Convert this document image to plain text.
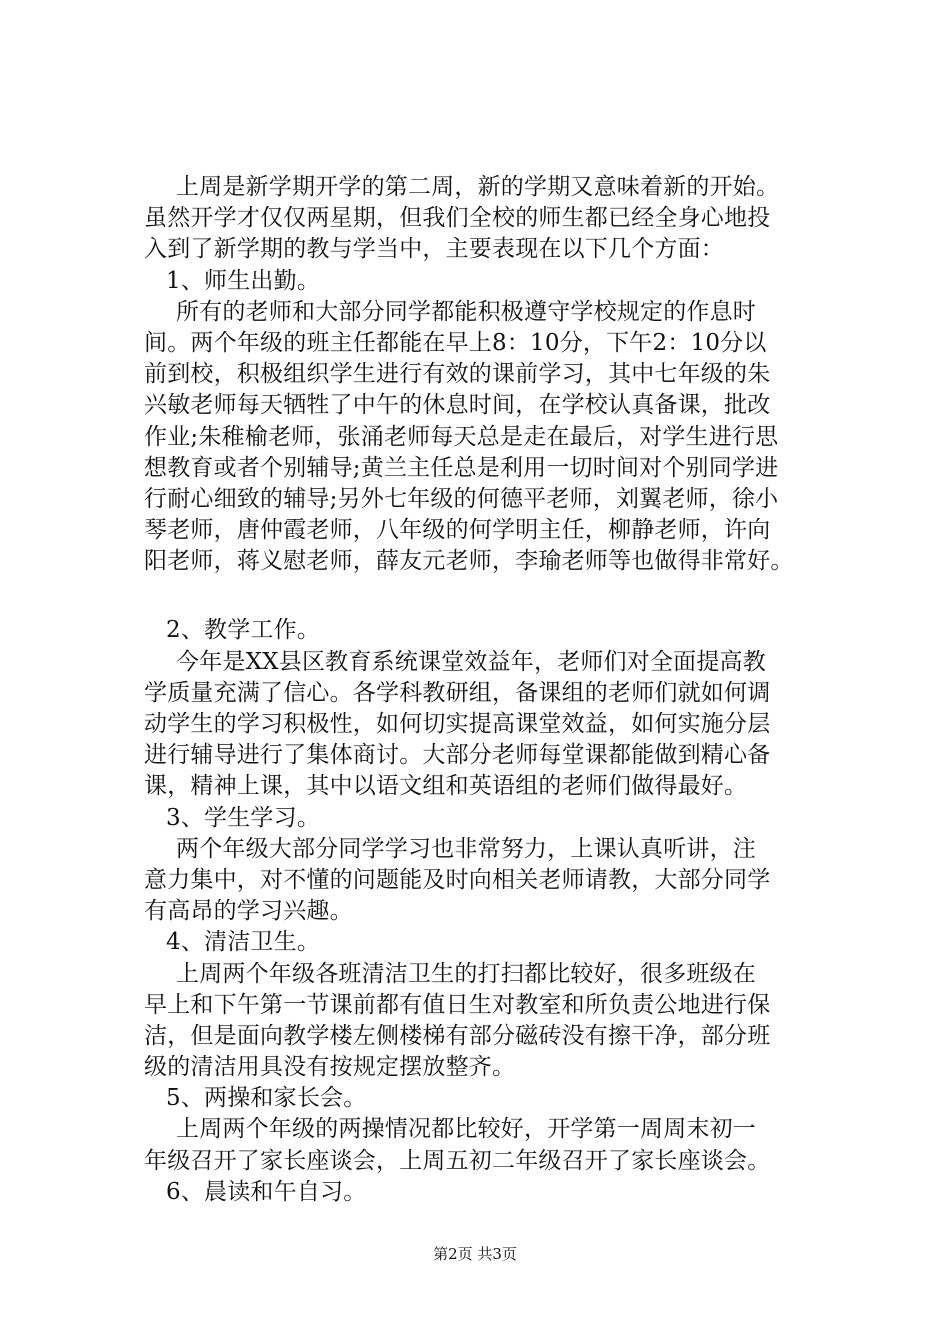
上周是新学期开学的第二周，新的学期又意味着新的开始。
虽然开学才仅仅两星期，但我们全校的师生都已经全身心地投
入到了新学期的教与学当中，主要表现在以下几个方面：
1、师生出勤。
所有的老师和大部分同学都能积极遵守学校规定的作息时
间。两个年级的班主任都能在早上8：10分，下午2：10分以
前到校，积极组织学生进行有效的课前学习，其中七年级的朱
兴敏老师每天牺牲了中午的休息时间，在学校认真备课，批改
作业;朱稚榆老师，张涌老师每天总是走在最后，对学生进行思
想教育或者个别辅导;黄兰主任总是利用一切时间对个别同学进
行耐心细致的辅导;另外七年级的何德平老师，刘翼老师，徐小
琴老师，唐仲霞老师，八年级的何学明主任，柳静老师，许向
阳老师，蒋义慰老师，薛友元老师，李瑜老师等也做得非常好。
2、教学工作。
今年是XX县区教育系统课堂效益年，老师们对全面提高教
学质量充满了信心。各学科教研组，备课组的老师们就如何调
动学生的学习积极性，如何切实提高课堂效益，如何实施分层
进行辅导进行了集体商讨。大部分老师每堂课都能做到精心备
课，精神上课，其中以语文组和英语组的老师们做得最好。
3、学生学习。
两个年级大部分同学学习也非常努力，上课认真听讲，注
意力集中，对不懂的问题能及时向相关老师请教，大部分同学
有高昂的学习兴趣。
4、清洁卫生。
上周两个年级各班清洁卫生的打扫都比较好，很多班级在
早上和下午第一节课前都有值日生对教室和所负责公地进行保
洁，但是面向教学楼左侧楼梯有部分磁砖没有擦干净，部分班
级的清洁用具没有按规定摆放整齐。
5、两操和家长会。
上周两个年级的两操情况都比较好，开学第一周周末初一
年级召开了家长座谈会，上周五初二年级召开了家长座谈会。
6、晨读和午自习。
第2页 共3页
